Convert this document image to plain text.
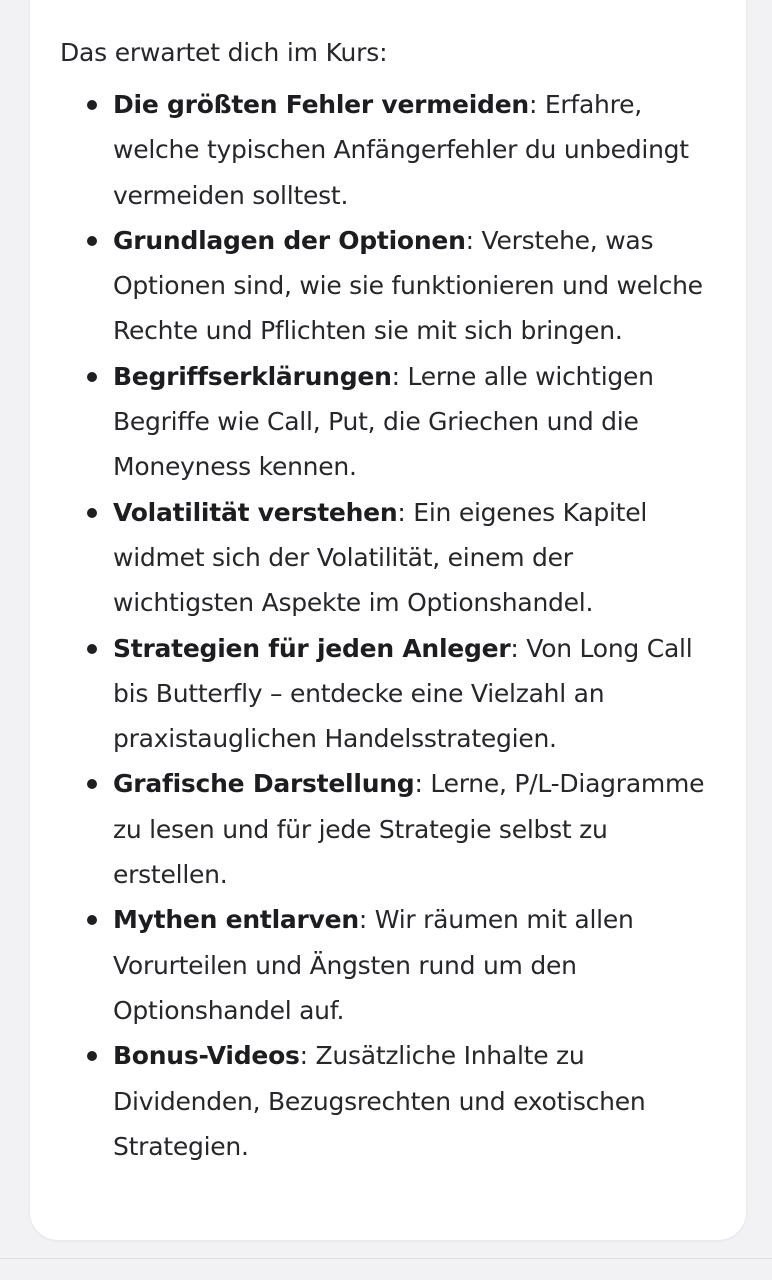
Das erwartet dich im Kurs:

Die größten Fehler vermeiden: Erfahre, welche typischen Anfängerfehler du unbedingt vermeiden solltest.
Grundlagen der Optionen: Verstehe, was Optionen sind, wie sie funktionieren und welche Rechte und Pflichten sie mit sich bringen.
Begriffserklärungen: Lerne alle wichtigen Begriffe wie Call, Put, die Griechen und die Moneyness kennen.
Volatilität verstehen: Ein eigenes Kapitel widmet sich der Volatilität, einem der wichtigsten Aspekte im Optionshandel.
Strategien für jeden Anleger: Von Long Call bis Butterfly – entdecke eine Vielzahl an praxistauglichen Handelsstrategien.
Grafische Darstellung: Lerne, P/L-Diagramme zu lesen und für jede Strategie selbst zu erstellen.
Mythen entlarven: Wir räumen mit allen Vorurteilen und Ängsten rund um den Optionshandel auf.
Bonus-Videos: Zusätzliche Inhalte zu Dividenden, Bezugsrechten und exotischen Strategien.
